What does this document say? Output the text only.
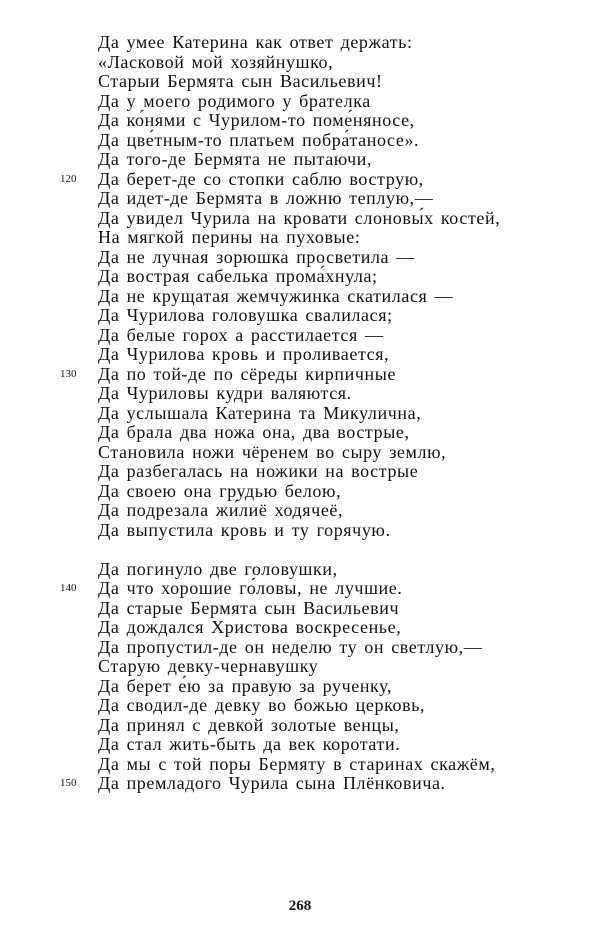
Да умее Катерина как ответ держать:
«Ласковой мой хозяйнушко,
Старыи Бермята сын Васильевич!
Да у моего родимого у брателка
Да ко́нями с Чурилом-то поме́няносе,
Да цве́тным-то платьем побра́таносе».
Да того-де Бермята не пытаючи,
120 Да берет-де со стопки саблю вострую,
Да идет-де Бермята в ложню теплую,—
Да увидел Чурила на кровати слоновы́х костей,
На мягкой перины на пуховые:
Да не лучная зорюшка просветила —
Да вострая сабелька прома́хнула;
Да не крущатая жемчужинка скатилася —
Да Чурилова головушка свалилася;
Да белые горох а расстилается —
Да Чурилова кровь и проливается,
130 Да по той-де по сёреды кирпичные
Да Чуриловы кудри валяются.
Да услышала Катерина та Микулична,
Да брала два ножа она, два вострые,
Становила ножи чёренем во сыру землю,
Да разбегалась на ножики на вострые
Да своею она грудью белою,
Да подрезала жи́лиё ходячеё,
Да выпустила кровь и ту горячую.
Да погинуло две головушки,
140 Да что хорошие го́ловы, не лучшие.
Да старые Бермята сын Васильевич
Да дождался Христова воскресенье,
Да пропустил-де он неделю ту он светлую,—
Старую девку-чернавушку
Да берет е́ю за правую за рученку,
Да сводил-де девку во божью церковь,
Да принял с девкой золотые венцы,
Да стал жить-быть да век коротати.
Да мы с той поры Бермяту в старинах скажём,
150 Да премладого Чурила сына Плёнковича.
268
